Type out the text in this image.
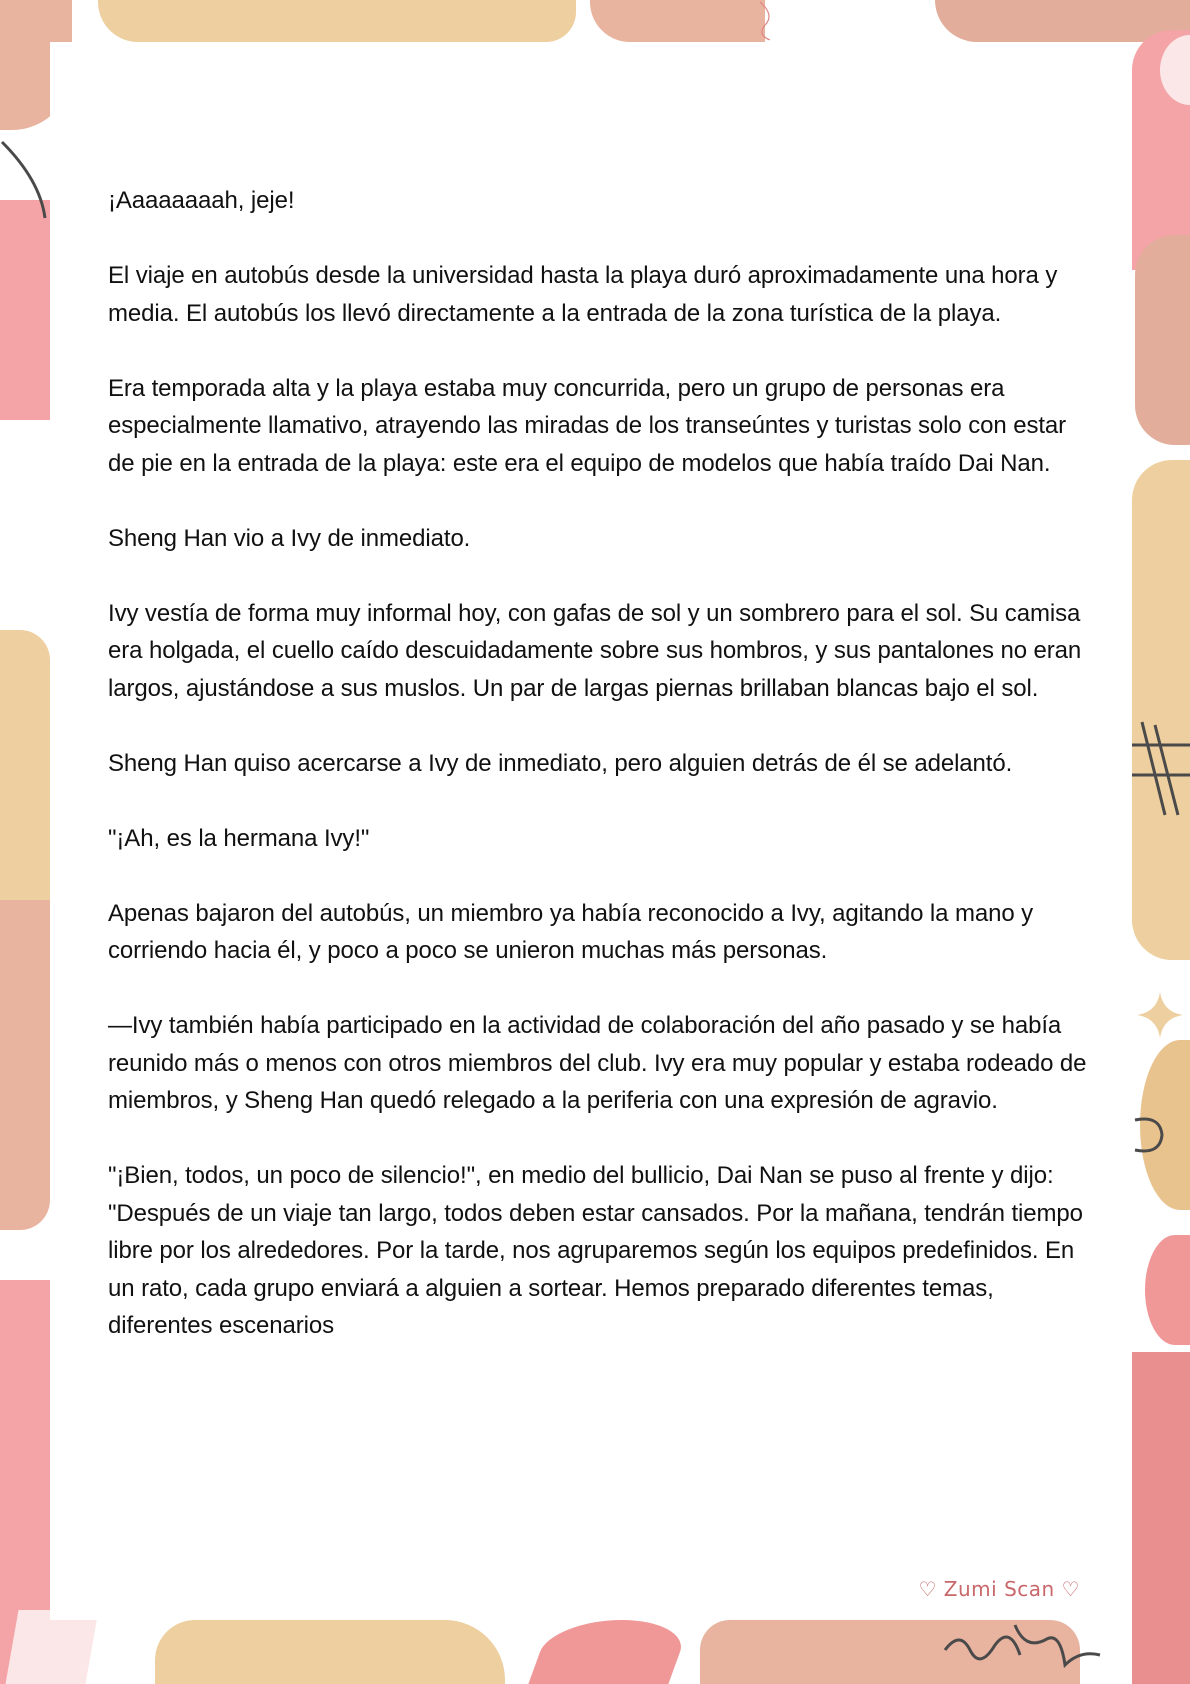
¡Aaaaaaaah, jeje!

El viaje en autobús desde la universidad hasta la playa duró aproximadamente una hora y media. El autobús los llevó directamente a la entrada de la zona turística de la playa.

Era temporada alta y la playa estaba muy concurrida, pero un grupo de personas era especialmente llamativo, atrayendo las miradas de los transeúntes y turistas solo con estar de pie en la entrada de la playa: este era el equipo de modelos que había traído Dai Nan.

Sheng Han vio a Ivy de inmediato.

Ivy vestía de forma muy informal hoy, con gafas de sol y un sombrero para el sol. Su camisa era holgada, el cuello caído descuidadamente sobre sus hombros, y sus pantalones no eran largos, ajustándose a sus muslos. Un par de largas piernas brillaban blancas bajo el sol.

Sheng Han quiso acercarse a Ivy de inmediato, pero alguien detrás de él se adelantó.

"¡Ah, es la hermana Ivy!"

Apenas bajaron del autobús, un miembro ya había reconocido a Ivy, agitando la mano y corriendo hacia él, y poco a poco se unieron muchas más personas.

—Ivy también había participado en la actividad de colaboración del año pasado y se había reunido más o menos con otros miembros del club. Ivy era muy popular y estaba rodeado de miembros, y Sheng Han quedó relegado a la periferia con una expresión de agravio.

"¡Bien, todos, un poco de silencio!", en medio del bullicio, Dai Nan se puso al frente y dijo: "Después de un viaje tan largo, todos deben estar cansados. Por la mañana, tendrán tiempo libre por los alrededores. Por la tarde, nos agruparemos según los equipos predefinidos. En un rato, cada grupo enviará a alguien a sortear. Hemos preparado diferentes temas, diferentes escenarios

♡ Zumi Scan ♡
